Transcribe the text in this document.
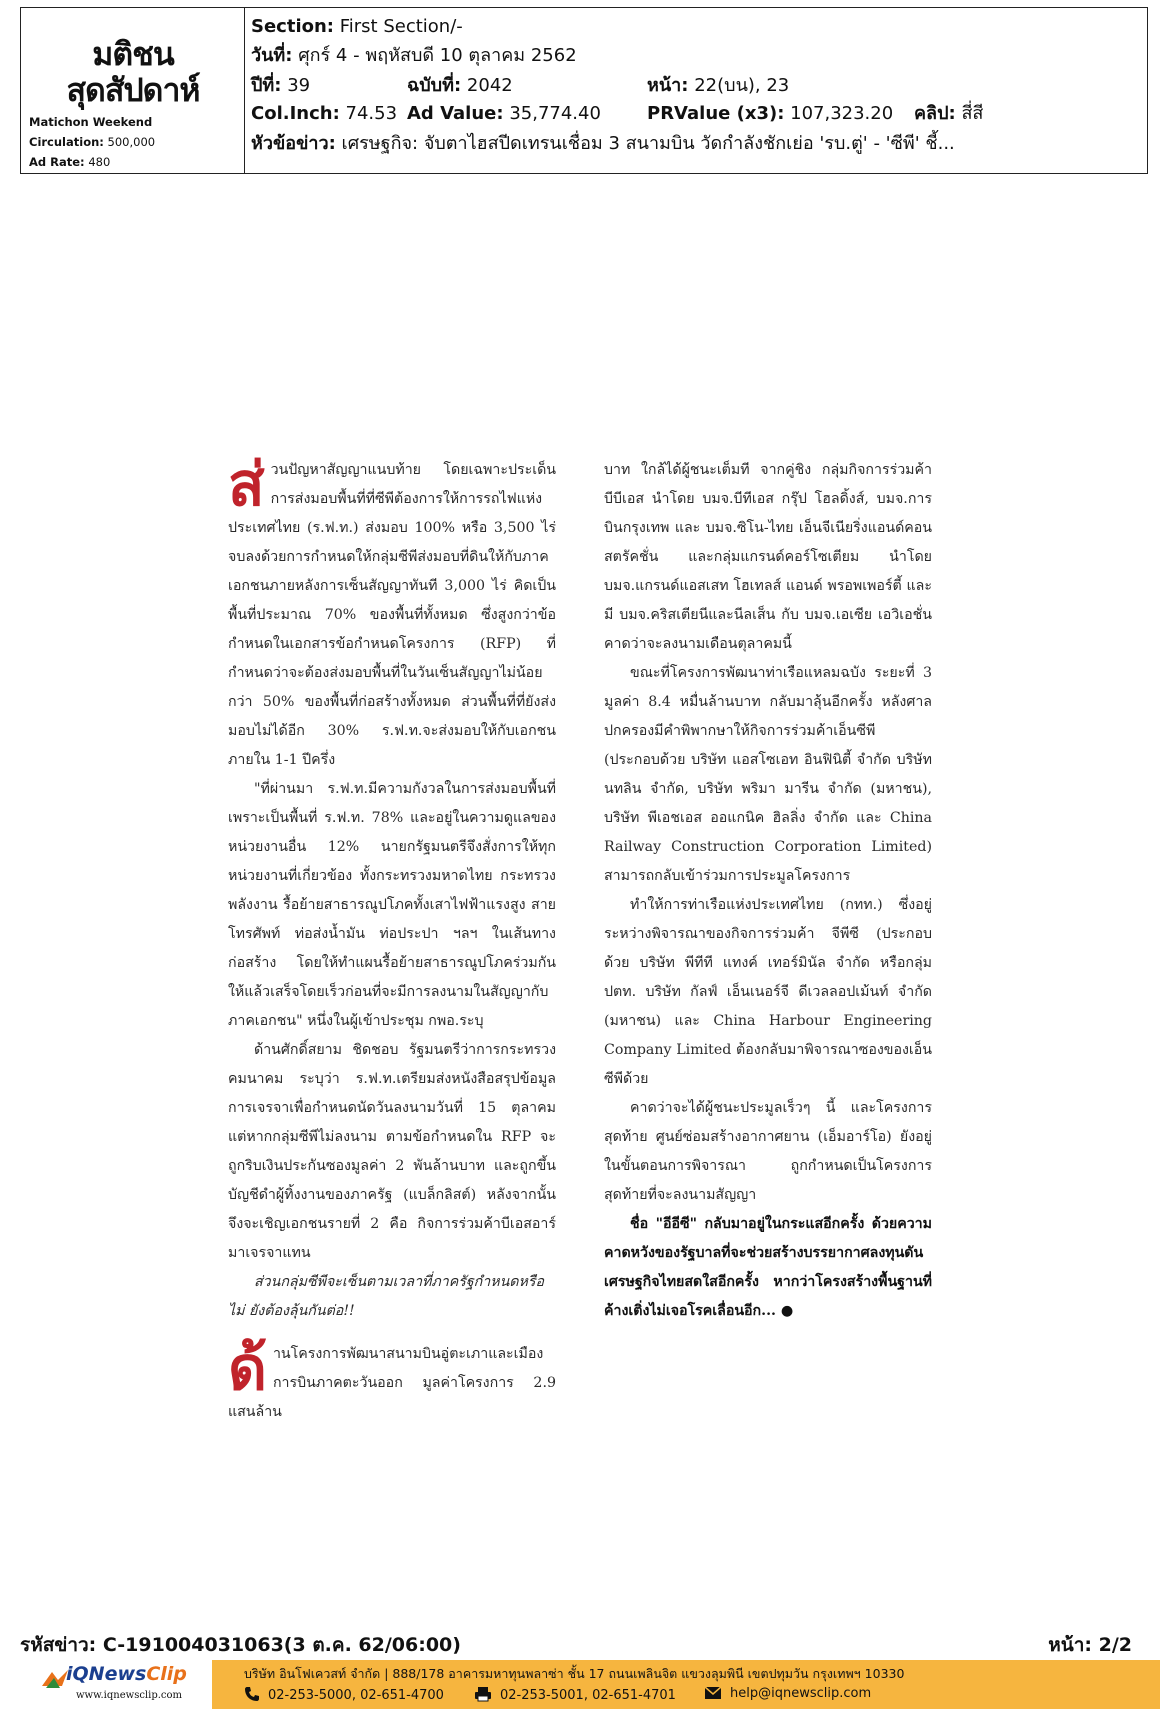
มติชน
สุดสัปดาห์
Matichon Weekend
Circulation: 500,000
Ad Rate: 480
Section: First Section/-
วันที่: ศุกร์ 4 - พฤหัสบดี 10 ตุลาคม 2562
ปีที่: 39	ฉบับที่: 2042	หน้า: 22(บน), 23
Col.Inch: 74.53 Ad Value: 35,774.40	PRValue (x3): 107,323.20 คลิป: สี่สี
หัวข้อข่าว: เศรษฐกิจ: จับตาไฮสปีดเทรนเชื่อม 3 สนามบิน วัดกำลังชักเย่อ 'รบ.ตู่' - 'ซีพี' ชี้...
ส่ วนปัญหาสัญญาแนบท้าย โดยเฉพาะประเด็นการส่งมอบพื้นที่ที่ซีพีต้องการให้การรถไฟแห่งประเทศไทย (ร.ฟ.ท.) ส่งมอบ 100% หรือ 3,500 ไร่ จบลงด้วยการกำหนดให้กลุ่มซีพีส่งมอบที่ดินให้กับภาคเอกชนภายหลังการเซ็นสัญญาทันที 3,000 ไร่ คิดเป็นพื้นที่ประมาณ 70% ของพื้นที่ทั้งหมด ซึ่งสูงกว่าข้อกำหนดในเอกสารข้อกำหนดโครงการ (RFP) ที่กำหนดว่าจะต้องส่งมอบพื้นที่ในวันเซ็นสัญญาไม่น้อยกว่า 50% ของพื้นที่ก่อสร้างทั้งหมด ส่วนพื้นที่ที่ยังส่งมอบไม่ได้อีก 30% ร.ฟ.ท.จะส่งมอบให้กับเอกชนภายใน 1-1 ปีครึ่ง
"ที่ผ่านมา ร.ฟ.ท.มีความกังวลในการส่งมอบพื้นที่ เพราะเป็นพื้นที่ ร.ฟ.ท. 78% และอยู่ในความดูแลของหน่วยงานอื่น 12% นายกรัฐมนตรีจึงสั่งการให้ทุกหน่วยงานที่เกี่ยวข้อง ทั้งกระทรวงมหาดไทย กระทรวงพลังงาน รื้อย้ายสาธารณูปโภคทั้งเสาไฟฟ้าแรงสูง สายโทรศัพท์ ท่อส่งน้ำมัน ท่อประปา ฯลฯ ในเส้นทางก่อสร้าง โดยให้ทำแผนรื้อย้ายสาธารณูปโภคร่วมกันให้แล้วเสร็จโดยเร็วก่อนที่จะมีการลงนามในสัญญากับภาคเอกชน" หนึ่งในผู้เข้าประชุม กพอ.ระบุ
ด้านศักดิ์สยาม ชิดชอบ รัฐมนตรีว่าการกระทรวงคมนาคม ระบุว่า ร.ฟ.ท.เตรียมส่งหนังสือสรุปข้อมูลการเจรจาเพื่อกำหนดนัดวันลงนามวันที่ 15 ตุลาคม แต่หากกลุ่มซีพีไม่ลงนาม ตามข้อกำหนดใน RFP จะถูกริบเงินประกันซองมูลค่า 2 พันล้านบาท และถูกขึ้นบัญชีดำผู้ทิ้งงานของภาครัฐ (แบล็กลิสต์) หลังจากนั้นจึงจะเชิญเอกชนรายที่ 2 คือ กิจการร่วมค้าบีเอสอาร์ มาเจรจาแทน
ส่วนกลุ่มซีพีจะเซ็นตามเวลาที่ภาครัฐกำหนดหรือไม่ ยังต้องลุ้นกันต่อ!!
ด้ านโครงการพัฒนาสนามบินอู่ตะเภาและเมืองการบินภาคตะวันออก มูลค่าโครงการ 2.9 แสนล้าน
บาท ใกล้ได้ผู้ชนะเต็มที จากคู่ชิง กลุ่มกิจการร่วมค้า บีบีเอส นำโดย บมจ.บีทีเอส กรุ๊ป โฮลดิ้งส์, บมจ.การบินกรุงเทพ และ บมจ.ซิโน-ไทย เอ็นจีเนียริ่งแอนด์คอนสตรัคชั่น และกลุ่มแกรนด์คอร์โซเตียม นำโดย บมจ.แกรนด์แอสเสท โฮเทลส์ แอนด์ พรอพเพอร์ตี้ และมี บมจ.คริสเตียนีและนีลเส็น กับ บมจ.เอเซีย เอวิเอชั่น คาดว่าจะลงนามเดือนตุลาคมนี้
ขณะที่โครงการพัฒนาท่าเรือแหลมฉบัง ระยะที่ 3 มูลค่า 8.4 หมื่นล้านบาท กลับมาลุ้นอีกครั้ง หลังศาลปกครองมีคำพิพากษาให้กิจการร่วมค้าเอ็นซีพี (ประกอบด้วย บริษัท แอสโซเอท อินฟินิตี้ จำกัด บริษัท นทลิน จำกัด, บริษัท พริมา มารีน จำกัด (มหาชน), บริษัท พีเอชเอส ออแกนิค ฮิลลิ่ง จำกัด และ China Railway Construction Corporation Limited) สามารถกลับเข้าร่วมการประมูลโครงการ
ทำให้การท่าเรือแห่งประเทศไทย (กทท.) ซึ่งอยู่ระหว่างพิจารณาของกิจการร่วมค้า จีพีซี (ประกอบด้วย บริษัท พีทีที แทงค์ เทอร์มินัล จำกัด หรือกลุ่ม ปตท. บริษัท กัลฟ์ เอ็นเนอร์จี ดีเวลลอปเม้นท์ จำกัด (มหาชน) และ China Harbour Engineering Company Limited ต้องกลับมาพิจารณาซองของเอ็นซีพีด้วย
คาดว่าจะได้ผู้ชนะประมูลเร็วๆ นี้ และโครงการสุดท้าย ศูนย์ซ่อมสร้างอากาศยาน (เอ็มอาร์โอ) ยังอยู่ในขั้นตอนการพิจารณา ถูกกำหนดเป็นโครงการสุดท้ายที่จะลงนามสัญญา
ชื่อ "อีอีซี" กลับมาอยู่ในกระแสอีกครั้ง ด้วยความคาดหวังของรัฐบาลที่จะช่วยสร้างบรรยากาศลงทุนดันเศรษฐกิจไทยสดใสอีกครั้ง หากว่าโครงสร้างพื้นฐานที่ค้างเติ่งไม่เจอโรคเลื่อนอีก... ●
รหัสข่าว: C-191004031063(3 ต.ค. 62/06:00)	หน้า: 2/2
iQNewsClip
www.iqnewsclip.com
บริษัท อินโฟเควสท์ จำกัด | 888/178 อาคารมหาทุนพลาซ่า ชั้น 17 ถนนเพลินจิต แขวงลุมพินี เขตปทุมวัน กรุงเทพฯ 10330
02-253-5000, 02-651-4700	02-253-5001, 02-651-4701	help@iqnewsclip.com
